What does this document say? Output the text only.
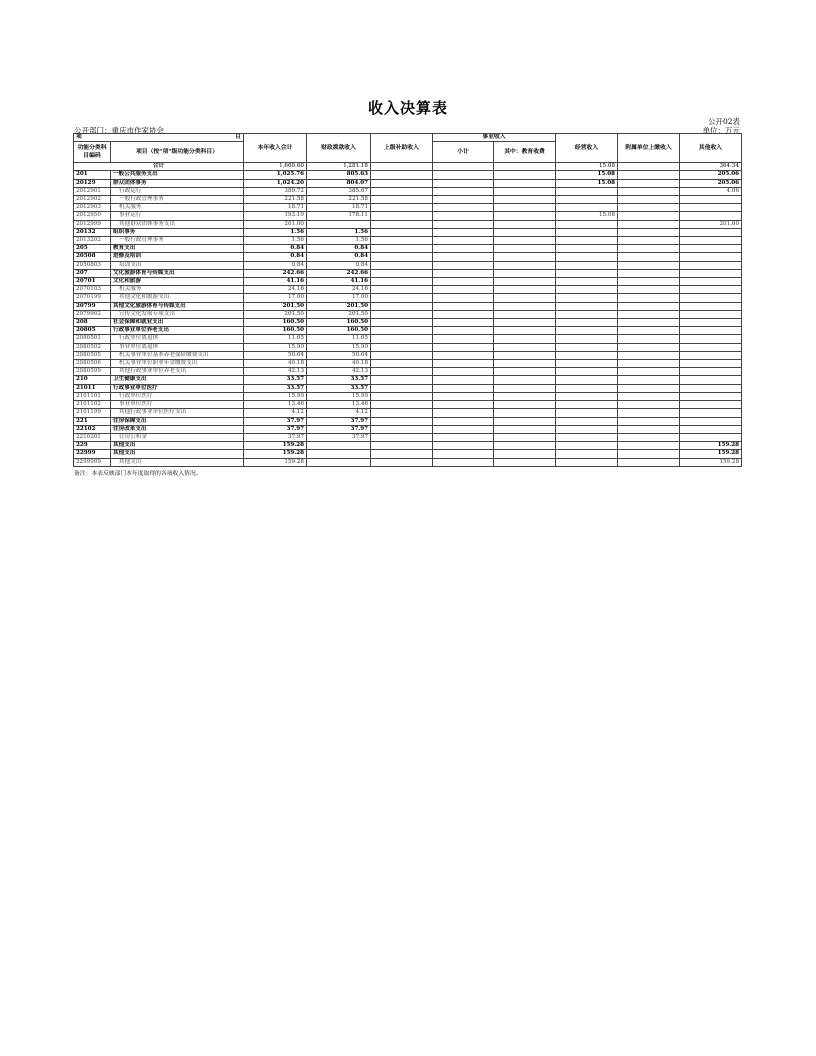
收入决算表
公开02表
公开部门：重庆市作家协会	单位：万元
项	目	本年收入合计	财政拨款收入	上级补助收入	事业收入		经营收入	附属单位上缴收入	其他收入
功能分类科目编码	项目（按“项”级功能分类科目）								
					小计	其中：教育收费			
合计		1,660.60	1,281.18				15.08		364.34
201	一般公共服务支出	1,025.76	805.63				15.08		205.06
20129	群众团体事务	1,024.20	804.07				15.08		205.06
2012901	行政运行	389.72	385.67						4.06
2012902	一般行政管理事务	221.58	221.58						
2012903	机关服务	18.71	18.71						
2012950	事业运行	193.19	178.11				15.08		
2012999	其他群众团体事务支出	201.00							201.00
20132	组织事务	1.56	1.56						
2013202	一般行政管理事务	1.56	1.56						
205	教育支出	0.84	0.84						
20508	进修及培训	0.84	0.84						
2050803	培训支出	0.84	0.84						
207	文化旅游体育与传媒支出	242.66	242.66						
20701	文化和旅游	41.16	41.16						
2070103	机关服务	24.16	24.16						
2070199	其他文化和旅游支出	17.00	17.00						
20799	其他文化旅游体育与传媒支出	201.50	201.50						
2079902	宣传文化发展专项支出	201.50	201.50						
208	社会保障和就业支出	160.50	160.50						
20805	行政事业单位养老支出	160.50	160.50						
2080501	行政单位离退休	11.65	11.65						
2080502	事业单位离退休	15.90	15.90						
2080505	机关事业单位基本养老保险缴费支出	50.64	50.64						
2080506	机关事业单位职业年金缴费支出	40.18	40.18						
2080599	其他行政事业单位养老支出	42.13	42.13						
210	卫生健康支出	33.57	33.57						
21011	行政事业单位医疗	33.57	33.57						
2101101	行政单位医疗	15.99	15.99						
2101102	事业单位医疗	13.46	13.46						
2101199	其他行政事业单位医疗支出	4.12	4.12						
221	住房保障支出	37.97	37.97						
22102	住房改革支出	37.97	37.97						
2210201	住房公积金	37.97	37.97						
229	其他支出	159.28							159.28
22999	其他支出	159.28							159.28
2299999	其他支出	159.28							159.28
备注：本表反映部门本年度取得的各项收入情况。
